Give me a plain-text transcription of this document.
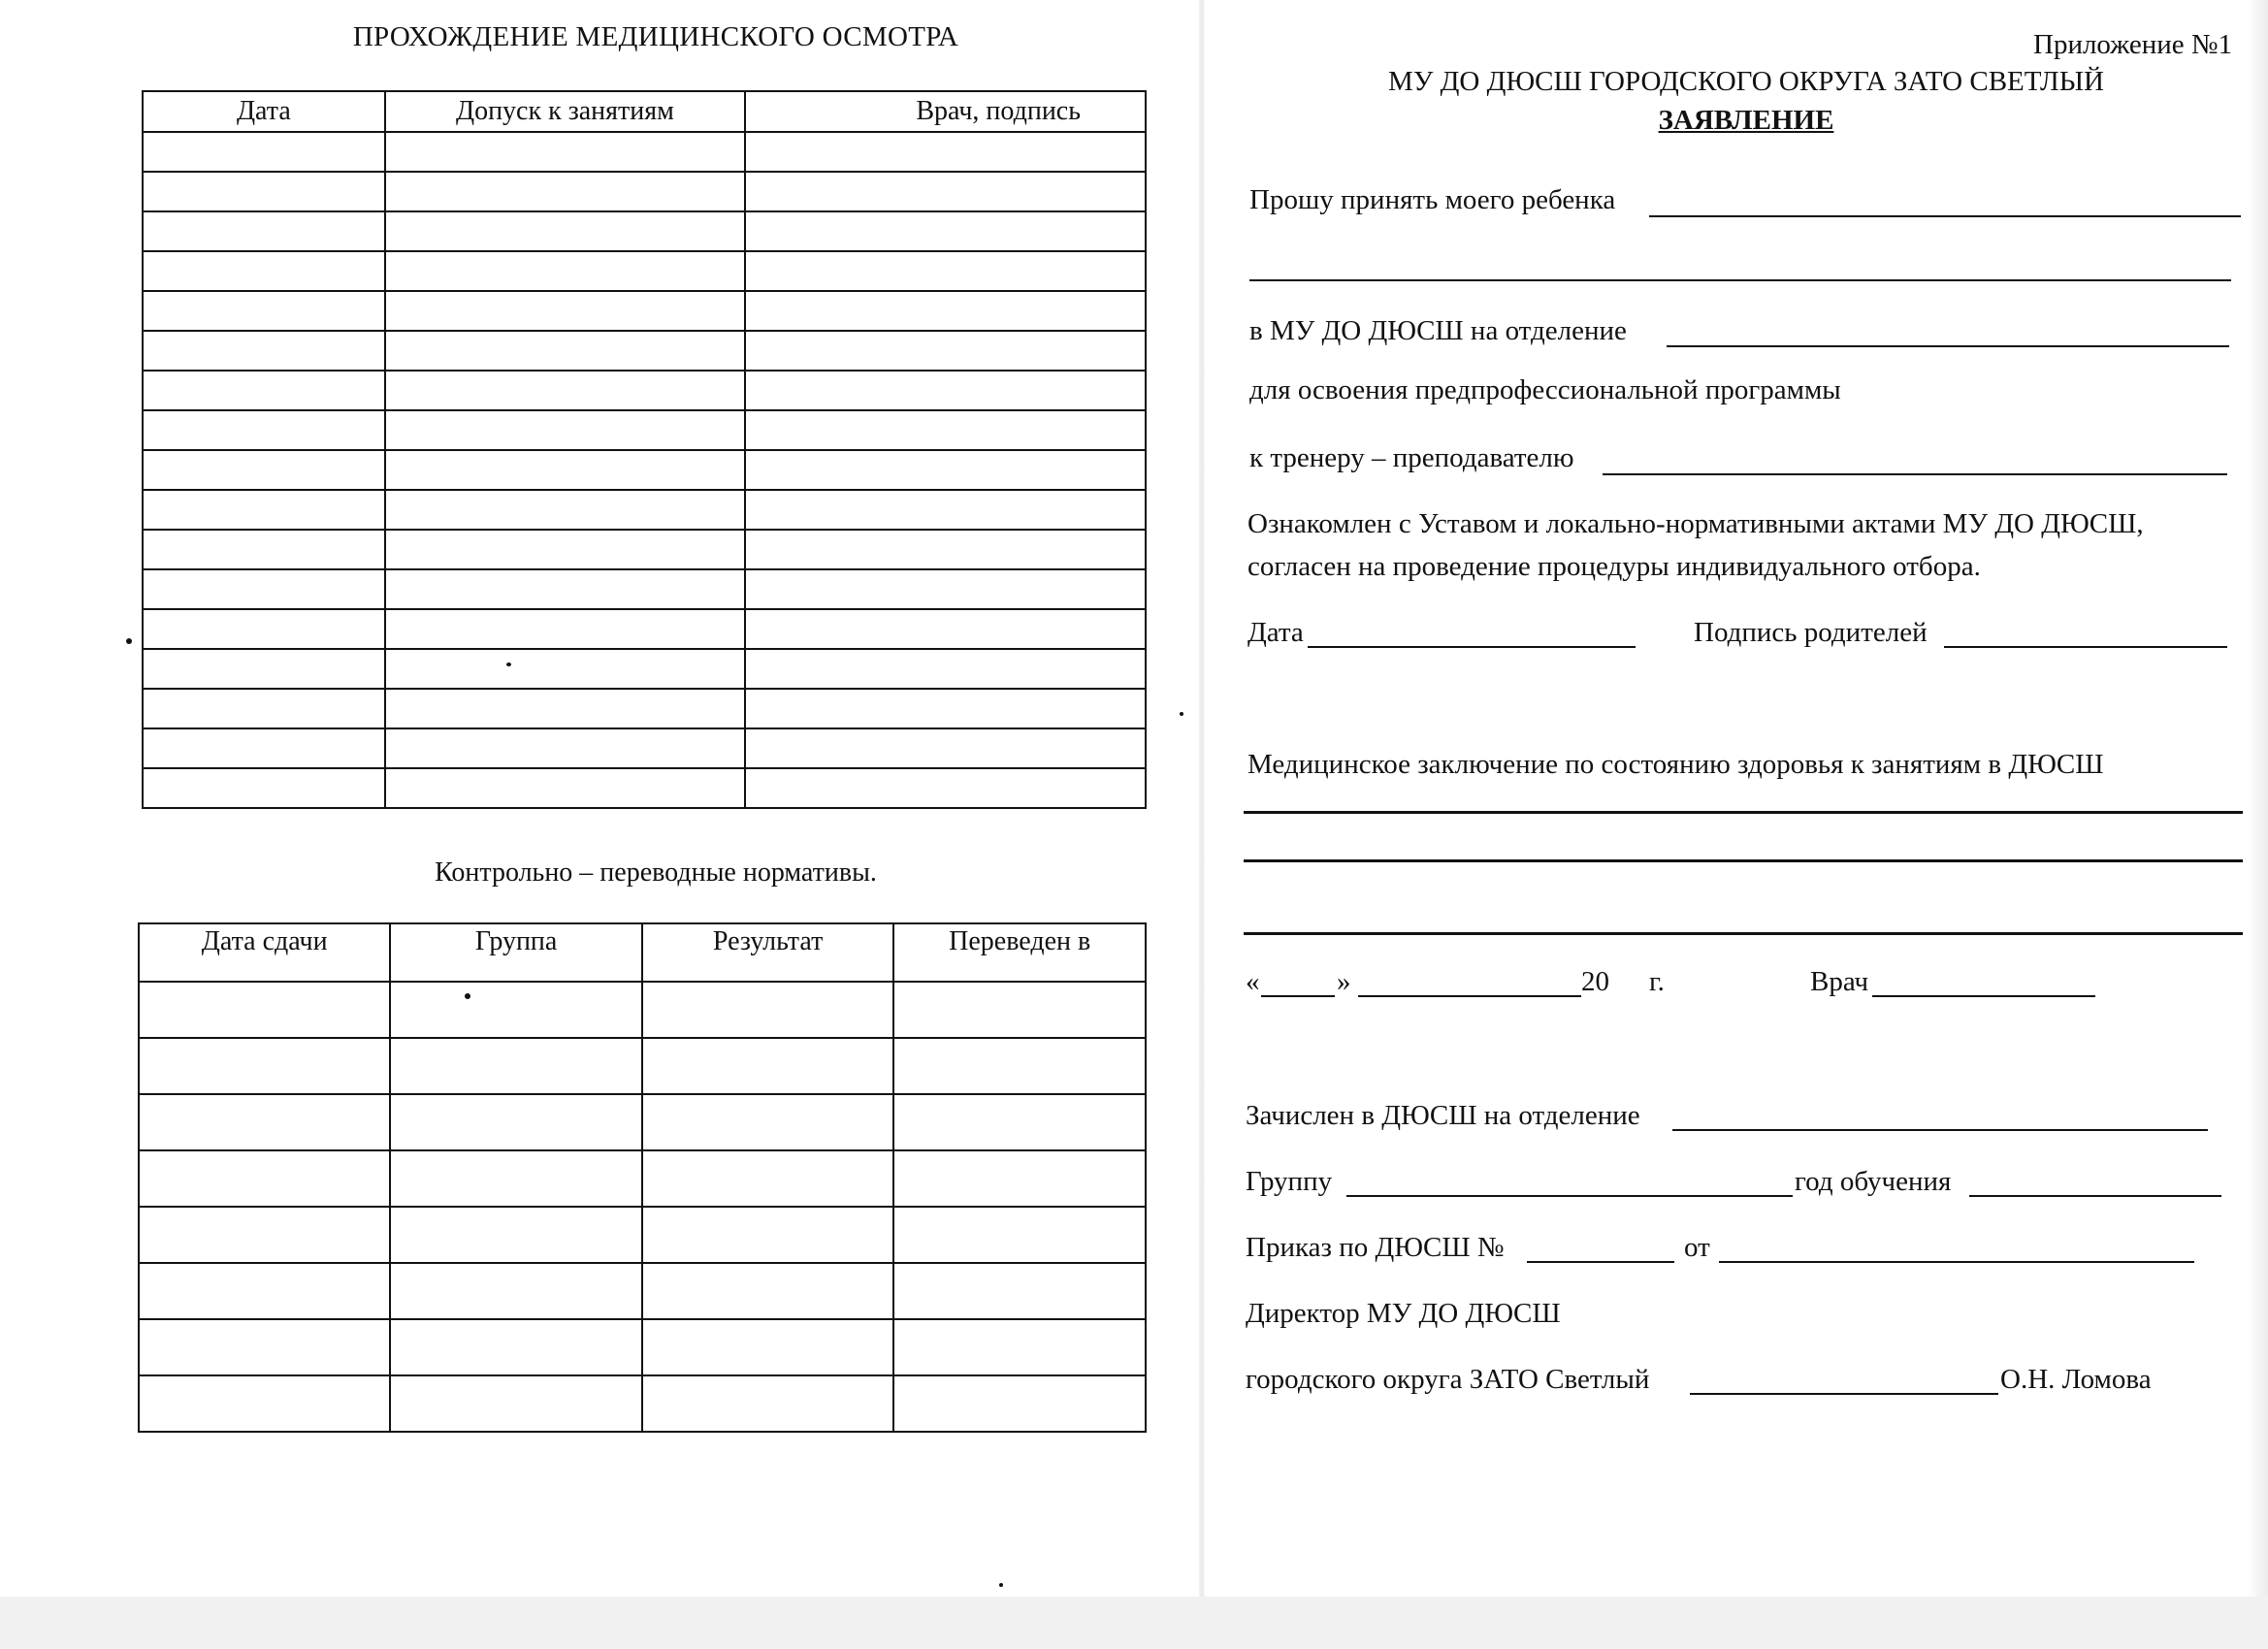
ПРОХОЖДЕНИЕ МЕДИЦИНСКОГО ОСМОТРА
Дата	Допуск к занятиям	Врач, подпись

Контрольно – переводные нормативы.
Дата сдачи	Группа	Результат	Переведен в

Приложение №1
МУ ДО ДЮСШ ГОРОДСКОГО ОКРУГА ЗАТО СВЕТЛЫЙ
ЗАЯВЛЕНИЕ
Прошу принять моего ребенка
в МУ ДО ДЮСШ на отделение
для освоения предпрофессиональной программы
к тренеру – преподавателю
Ознакомлен с Уставом и локально-нормативными актами МУ ДО ДЮСШ,
согласен на проведение процедуры индивидуального отбора.
Дата	Подпись родителей
Медицинское заключение по состоянию здоровья к занятиям в ДЮСШ
«	»	20 г.	Врач
Зачислен в ДЮСШ на отделение
Группу	год обучения
Приказ по ДЮСШ №	от
Директор МУ ДО ДЮСШ
городского округа ЗАТО Светлый	О.Н. Ломова
